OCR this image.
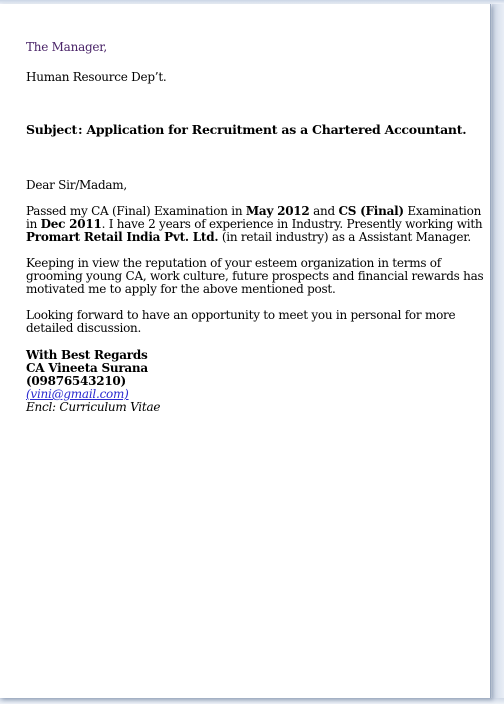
The Manager,

Human Resource Dep’t.

Subject: Application for Recruitment as a Chartered Accountant.

Dear Sir/Madam,

Passed my CA (Final) Examination in May 2012 and CS (Final) Examination in Dec 2011. I have 2 years of experience in Industry. Presently working with Promart Retail India Pvt. Ltd. (in retail industry) as a Assistant Manager.

Keeping in view the reputation of your esteem organization in terms of grooming young CA, work culture, future prospects and financial rewards has motivated me to apply for the above mentioned post.

Looking forward to have an opportunity to meet you in personal for more detailed discussion.

With Best Regards
CA Vineeta Surana
(09876543210)
(vini@gmail.com)
Encl: Curriculum Vitae
